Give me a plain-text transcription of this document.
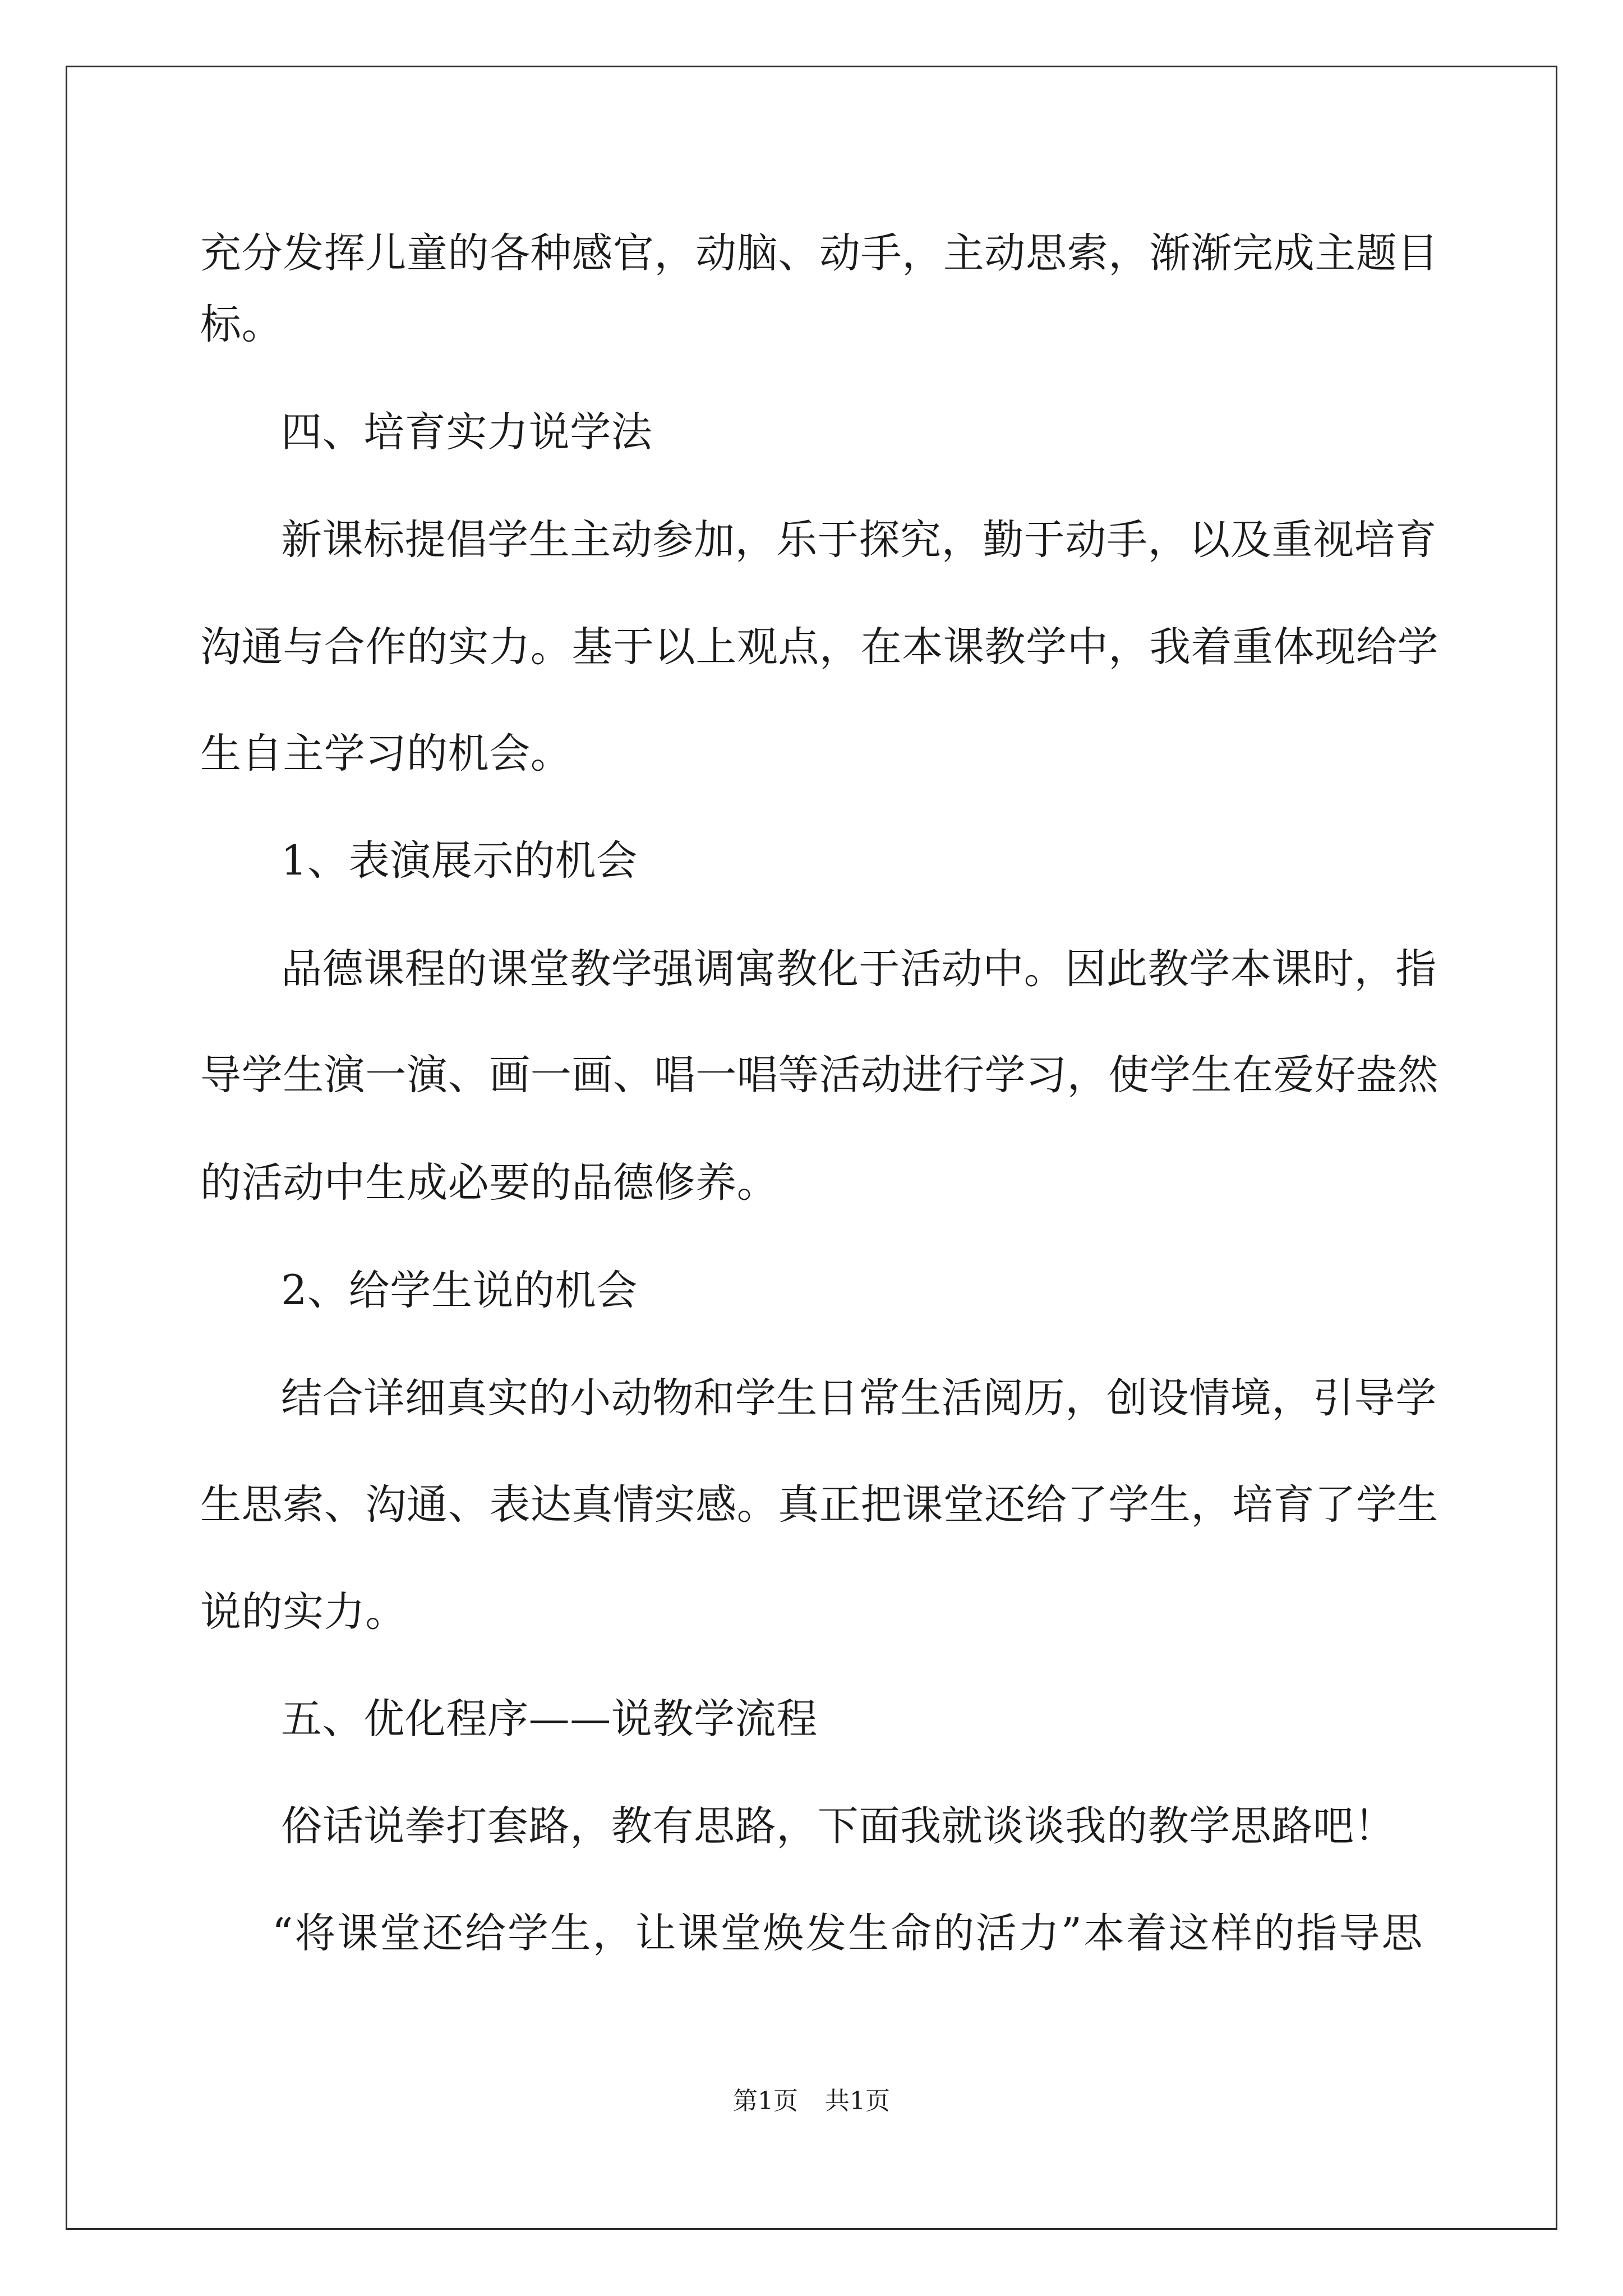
充分发挥儿童的各种感官，动脑、动手，主动思索，渐渐完成主题目
标。
四、培育实力说学法
新课标提倡学生主动参加，乐于探究，勤于动手，以及重视培育
沟通与合作的实力。基于以上观点，在本课教学中，我着重体现给学
生自主学习的机会。
1、表演展示的机会
品德课程的课堂教学强调寓教化于活动中。因此教学本课时，指
导学生演一演、画一画、唱一唱等活动进行学习，使学生在爱好盎然
的活动中生成必要的品德修养。
2、给学生说的机会
结合详细真实的小动物和学生日常生活阅历，创设情境，引导学
生思索、沟通、表达真情实感。真正把课堂还给了学生，培育了学生
说的实力。
五、优化程序——说教学流程
俗话说拳打套路，教有思路，下面我就谈谈我的教学思路吧！
“将课堂还给学生，让课堂焕发生命的活力”本着这样的指导思
第1页 共1页
